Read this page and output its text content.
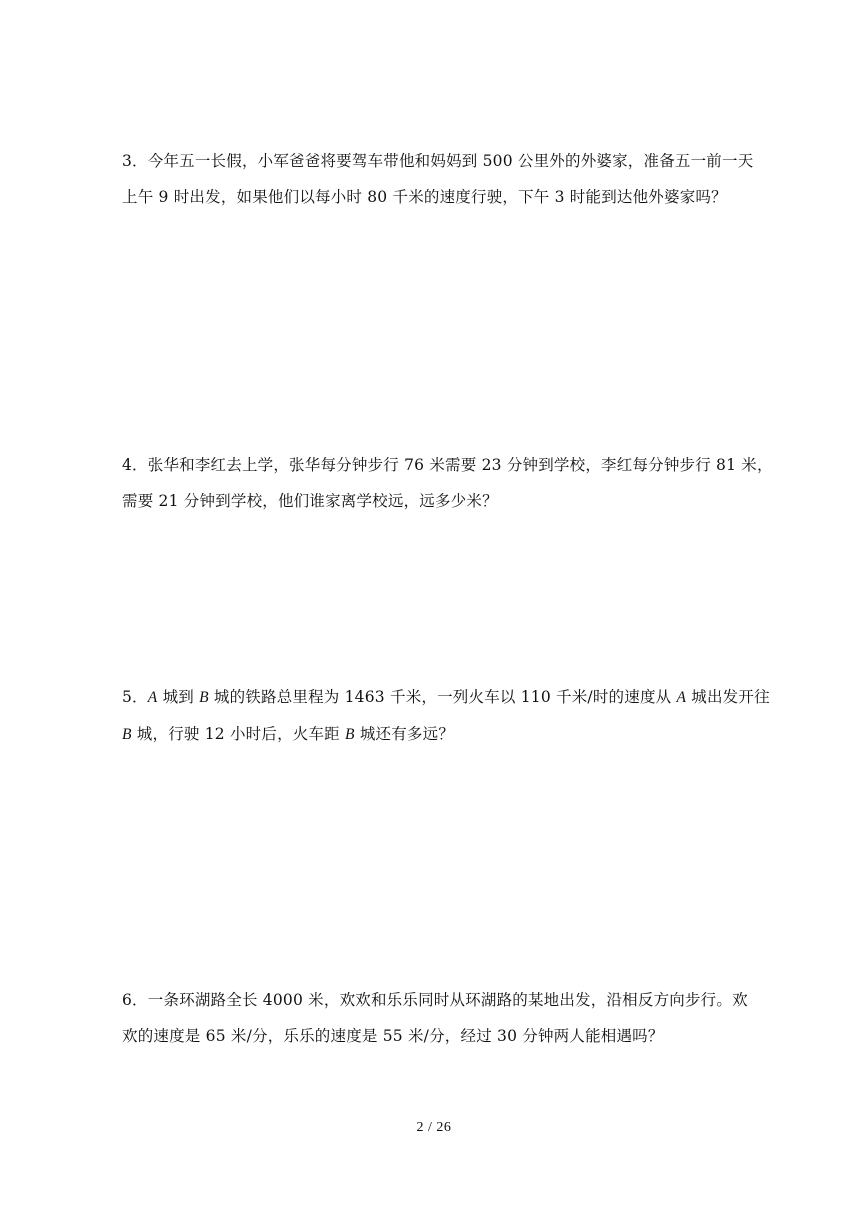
3．今年五一长假，小军爸爸将要驾车带他和妈妈到 500 公里外的外婆家，准备五一前一天
上午 9 时出发，如果他们以每小时 80 千米的速度行驶，下午 3 时能到达他外婆家吗？
4．张华和李红去上学，张华每分钟步行 76 米需要 23 分钟到学校，李红每分钟步行 81 米，
需要 21 分钟到学校，他们谁家离学校远，远多少米？
5．A 城到 B 城的铁路总里程为 1463 千米，一列火车以 110 千米/时的速度从 A 城出发开往
B 城，行驶 12 小时后，火车距 B 城还有多远？
6．一条环湖路全长 4000 米，欢欢和乐乐同时从环湖路的某地出发，沿相反方向步行。欢
欢的速度是 65 米/分，乐乐的速度是 55 米/分，经过 30 分钟两人能相遇吗？
2 / 26
